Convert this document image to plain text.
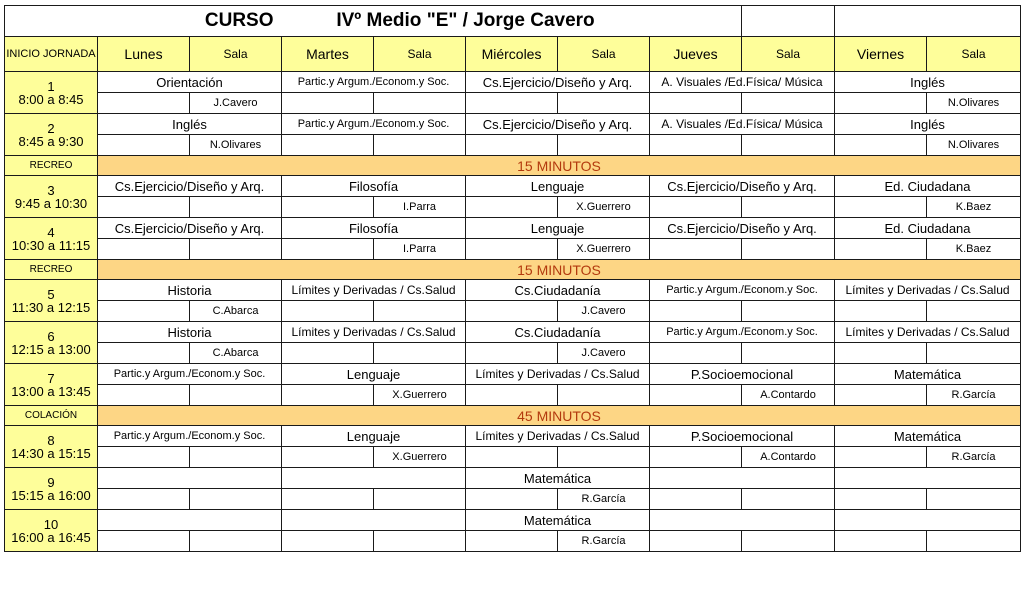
CURSO			IVº Medio "E" / Jorge Cavero							
INICIO JORNADA	Lunes	Sala	Martes	Sala	Miércoles	Sala	Jueves	Sala	Viernes	Sala
1
8:00 a 8:45	Orientación		Partic.y Argum./Econom.y Soc.		Cs.Ejercicio/Diseño y Arq.		A. Visuales /Ed.Física/ Música		Inglés	
		J.Cavero								N.Olivares
2
8:45 a 9:30	Inglés		Partic.y Argum./Econom.y Soc.		Cs.Ejercicio/Diseño y Arq.		A. Visuales /Ed.Física/ Música		Inglés	
		N.Olivares								N.Olivares
RECREO	15 MINUTOS									
3
9:45 a 10:30	Cs.Ejercicio/Diseño y Arq.		Filosofía		Lenguaje		Cs.Ejercicio/Diseño y Arq.		Ed. Ciudadana	
				I.Parra		X.Guerrero				K.Baez
4
10:30 a 11:15	Cs.Ejercicio/Diseño y Arq.		Filosofía		Lenguaje		Cs.Ejercicio/Diseño y Arq.		Ed. Ciudadana	
				I.Parra		X.Guerrero				K.Baez
RECREO	15 MINUTOS									
5
11:30 a 12:15	Historia		Límites y Derivadas / Cs.Salud		Cs.Ciudadanía		Partic.y Argum./Econom.y Soc.		Límites y Derivadas / Cs.Salud	
		C.Abarca				J.Cavero				
6
12:15 a 13:00	Historia		Límites y Derivadas / Cs.Salud		Cs.Ciudadanía		Partic.y Argum./Econom.y Soc.		Límites y Derivadas / Cs.Salud	
		C.Abarca				J.Cavero				
7
13:00 a 13:45	Partic.y Argum./Econom.y Soc.		Lenguaje		Límites y Derivadas / Cs.Salud		P.Socioemocional		Matemática	
				X.Guerrero				A.Contardo		R.García
COLACIÓN	45 MINUTOS									
8
14:30 a 15:15	Partic.y Argum./Econom.y Soc.		Lenguaje		Límites y Derivadas / Cs.Salud		P.Socioemocional		Matemática	
				X.Guerrero				A.Contardo		R.García
9
15:15 a 16:00					Matemática					
						R.García				
10
16:00 a 16:45					Matemática					
						R.García				
